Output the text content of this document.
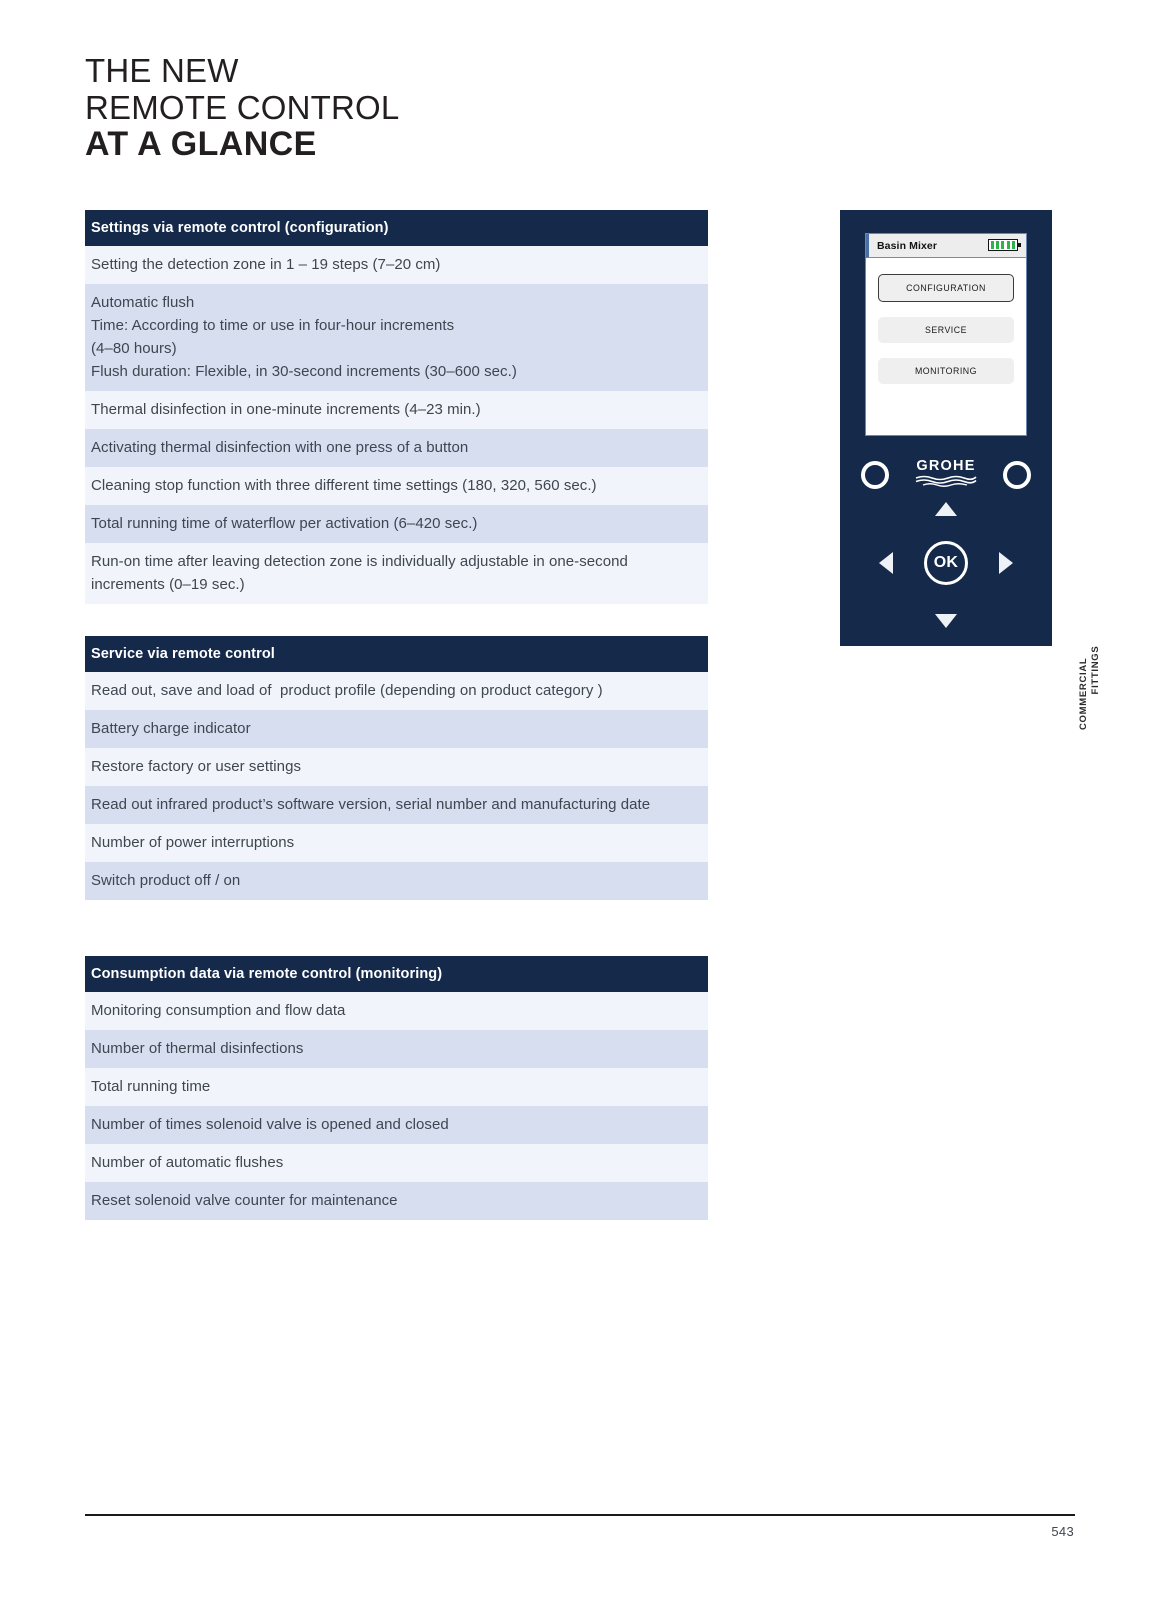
THE NEW
REMOTE CONTROL
AT A GLANCE
Settings via remote control (configuration)
Setting the detection zone in 1 – 19 steps (7–20 cm)
Automatic flush
Time: According to time or use in four-hour increments
(4–80 hours)
Flush duration: Flexible, in 30-second increments (30–600 sec.)
Thermal disinfection in one-minute increments (4–23 min.)
Activating thermal disinfection with one press of a button
Cleaning stop function with three different time settings (180, 320, 560 sec.)
Total running time of waterflow per activation (6–420 sec.)
Run-on time after leaving detection zone is individually adjustable in one-second increments (0–19 sec.)
Service via remote control
Read out, save and load of  product profile (depending on product category )
Battery charge indicator
Restore factory or user settings
Read out infrared product’s software version, serial number and manufacturing date
Number of power interruptions
Switch product off / on
Consumption data via remote control (monitoring)
Monitoring consumption and flow data
Number of thermal disinfections
Total running time
Number of times solenoid valve is opened and closed
Number of automatic flushes
Reset solenoid valve counter for maintenance
Basin Mixer
CONFIGURATION
SERVICE
MONITORING
GROHE
OK
COMMERCIAL FITTINGS
543
